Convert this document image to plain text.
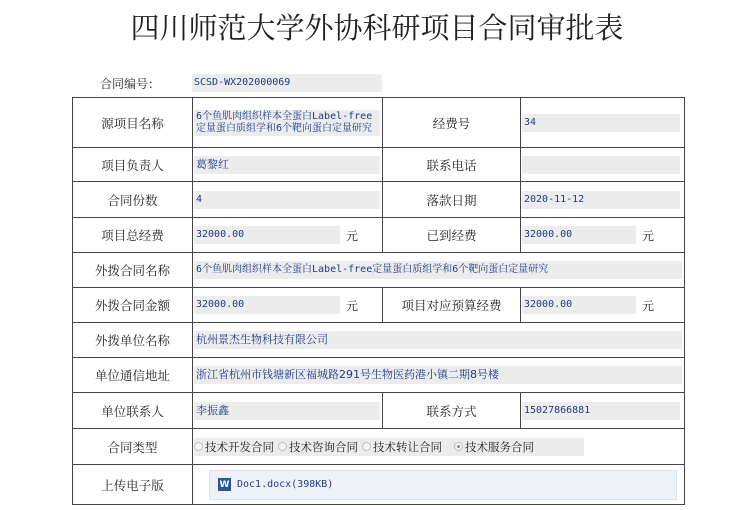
四川师范大学外协科研项目合同审批表
合同编号：	SCSD-WX202000069
源项目名称	6个鱼肌肉组织样本全蛋白Label-free定量蛋白质组学和6个靶向蛋白定量研究	经费号	34

项目负责人	葛黎红	联系电话	

合同份数	4	落款日期	2020-11-12

项目总经费	32000.00 元	已到经费	32000.00 元

外拨合同名称	6个鱼肌肉组织样本全蛋白Label-free定量蛋白质组学和6个靶向蛋白定量研究		

外拨合同金额	32000.00 元	项目对应预算经费	32000.00 元

外拨单位名称	杭州景杰生物科技有限公司		

单位通信地址	浙江省杭州市钱塘新区福城路291号生物医药港小镇二期8号楼		

单位联系人	李振鑫	联系方式	15027866881

合同类型	技术开发合同 技术咨询合同 技术转让合同 技术服务合同		

上传电子版	W Doc1.docx(398KB)		
